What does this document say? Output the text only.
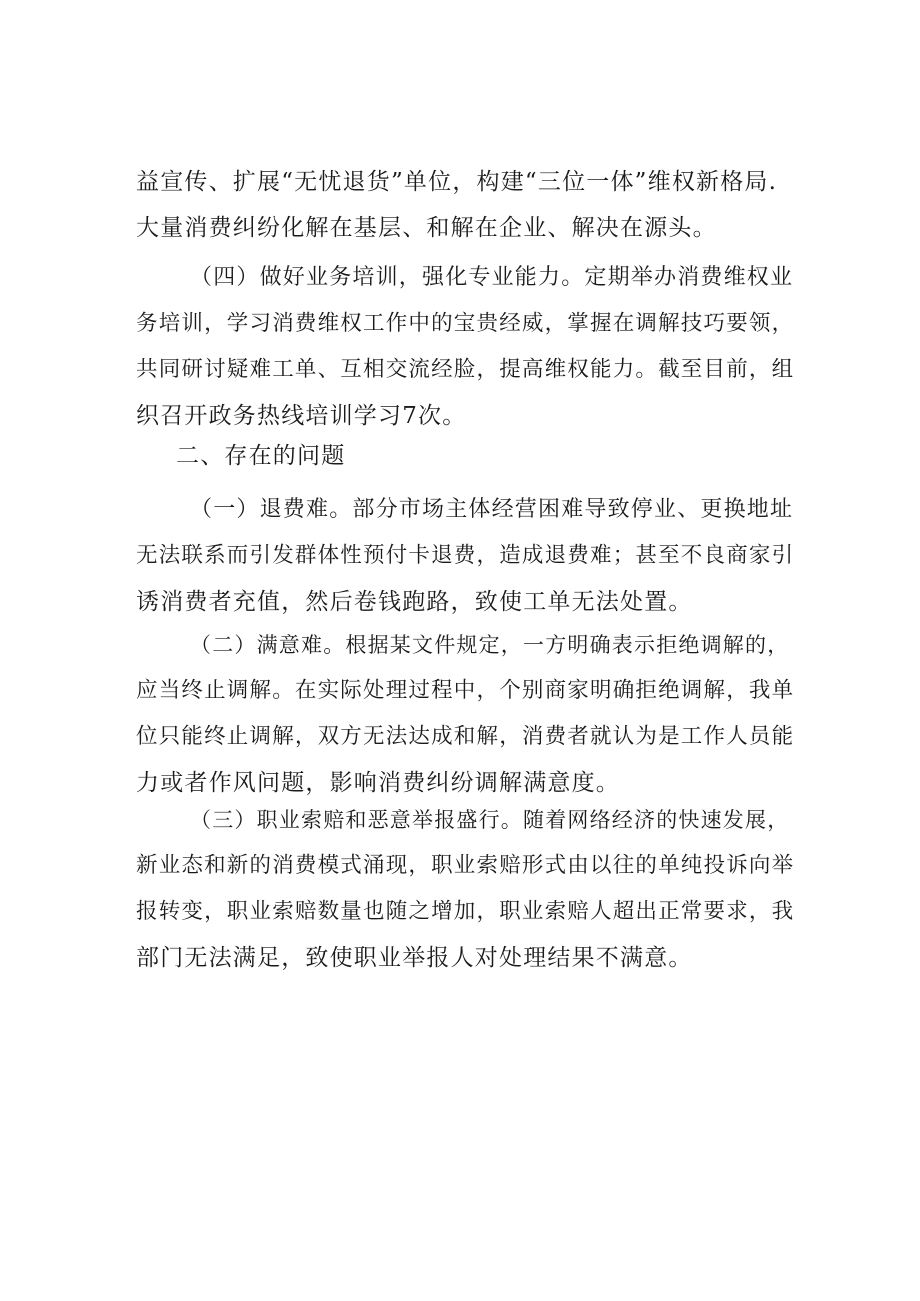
益宣传、扩展“无忧退货”单位，构建“三位一体”维权新格局.
大量消费纠纷化解在基层、和解在企业、解决在源头。
（四）做好业务培训，强化专业能力。定期举办消费维权业
务培训，学习消费维权工作中的宝贵经威，掌握在调解技巧要领，
共同研讨疑难工单、互相交流经脸，提高维权能力。截至目前，组
织召开政务热线培训学习7次。
二、存在的问题
（一）退费难。部分市场主体经营困难导致停业、更换地址
无法联系而引发群体性预付卡退费，造成退费难；甚至不良商家引
诱消费者充值，然后卷钱跑路，致使工单无法处置。
（二）满意难。根据某文件规定，一方明确表示拒绝调解的，
应当终止调解。在实际处理过程中，个别商家明确拒绝调解，我单
位只能终止调解，双方无法达成和解，消费者就认为是工作人员能
力或者作风问题，影响消费纠纷调解满意度。
（三）职业索赔和恶意举报盛行。随着网络经济的快速发展，
新业态和新的消费模式涌现，职业索赔形式由以往的单纯投诉向举
报转变，职业索赔数量也随之增加，职业索赔人超出正常要求，我
部门无法满足，致使职业举报人对处理结果不满意。
